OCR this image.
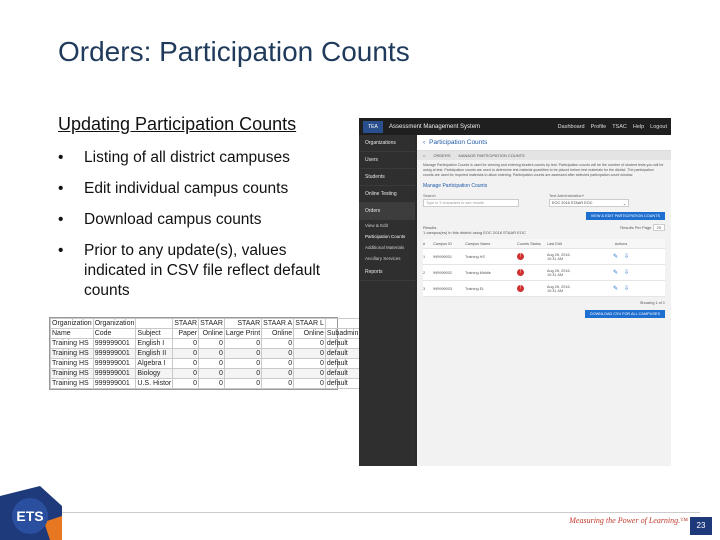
Orders: Participation Counts
Updating Participation Counts
• Listing of all district campuses
• Edit individual campus counts
• Download campus counts
• Prior to any update(s), values indicated in CSV file reflect default counts
Organization	Organization		STAAR	STAAR	STAAR	STAAR A	STAAR L	
Name	Code	Subject	Paper	Online	Large Print	Online	Online	Subadmin
Training HS	999999001	English I	0	0	0	0	0	default
Training HS	999999001	English II	0	0	0	0	0	default
Training HS	999999001	Algebra I	0	0	0	0	0	default
Training HS	999999001	Biology	0	0	0	0	0	default
Training HS	999999001	U.S. Histor	0	0	0	0	0	default
TEA	Assessment Management System	Dashboard Profile TSAC Help Logout
Organizations
Users
Students
Online Testing
Orders
View & Edit
Participation Counts
Additional Materials
Ancillary Services
Reports
‹ Participation Counts
⌂ ORDERS MANAGE PARTICIPATION COUNTS
Manage Participation Counts is used for viewing and entering student counts by test. Participation counts will be the number of student tests you will be using at test. Participation counts are used to determine test material quantities to be placed before test materials for the district. The participation counts are used for required materials to allow ordering. Participation counts are assessed after selected participation count window.
Manage Participation Counts
Search
Type in 3 characters to see results
Test Administration*
EOC 2016 STAAR EOC	⌄
VIEW & EDIT PARTICIPATION COUNTS
Results
1 campus(es) in this district using EOC 2016 STAAR EOC
Results Per Page 25
#	Campus ID	Campus Name	Counts Status	Last Edit	Actions
1	999999001	Training HS	!	Aug 26, 2016, 10:31 AM	✎ ⇩
2	999999002	Training Middle	!	Aug 26, 2016, 10:31 AM	✎ ⇩
3	999999003	Training EL	!	Aug 26, 2016, 10:31 AM	✎ ⇩
Showing 1 of 1
DOWNLOAD CSV FOR ALL CAMPUSES
ETS	Measuring the Power of Learning.™
23
